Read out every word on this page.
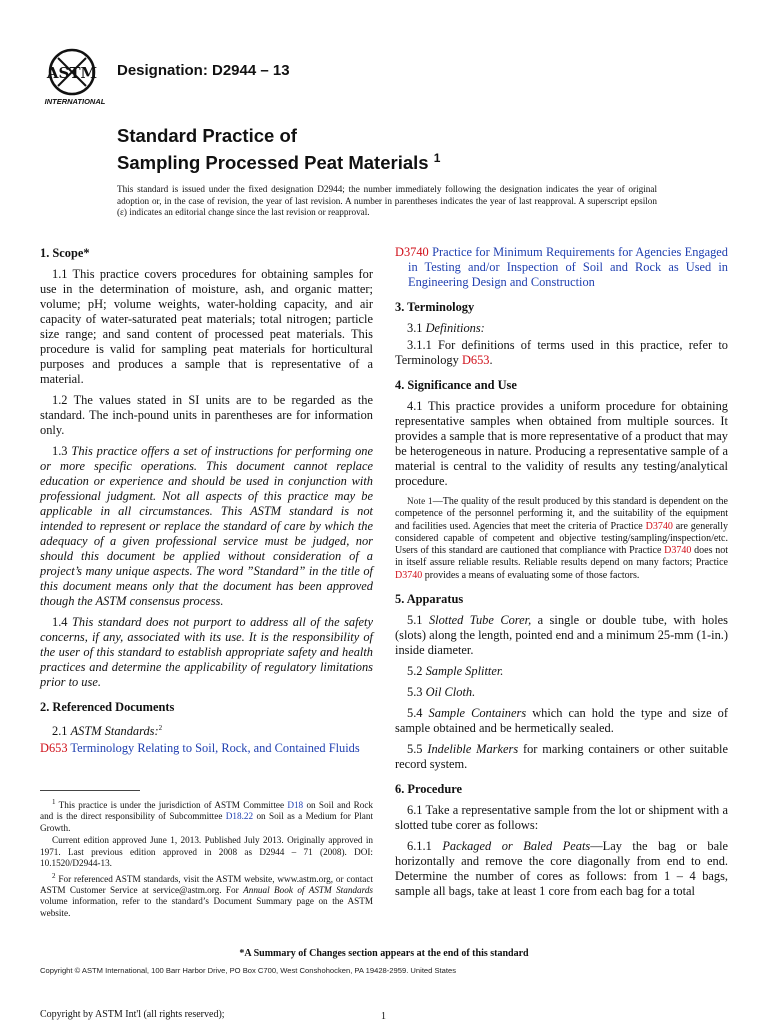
ASTM
INTERNATIONAL
Designation: D2944 – 13
Standard Practice of
Sampling Processed Peat Materials $^1$
This standard is issued under the fixed designation D2944; the number immediately following the designation indicates the year of original adoption or, in the case of revision, the year of last revision. A number in parentheses indicates the year of last reapproval. A superscript epsilon (ε) indicates an editorial change since the last revision or reapproval.
1. Scope*

1.1 This practice covers procedures for obtaining samples for use in the determination of moisture, ash, and organic matter; volume; pH; volume weights, water-holding capacity, and air capacity of water-saturated peat materials; total nitrogen; particle size range; and sand content of processed peat materials. This procedure is valid for sampling peat materials for horticultural purposes and produces a sample that is representative of a material.

1.2 The values stated in SI units are to be regarded as the standard. The inch-pound units in parentheses are for information only.

1.3 This practice offers a set of instructions for performing one or more specific operations. This document cannot replace education or experience and should be used in conjunction with professional judgment. Not all aspects of this practice may be applicable in all circumstances. This ASTM standard is not intended to represent or replace the standard of care by which the adequacy of a given professional service must be judged, nor should this document be applied without consideration of a project’s many unique aspects. The word ”Standard” in the title of this document means only that the document has been approved though the ASTM consensus process.

1.4 This standard does not purport to address all of the safety concerns, if any, associated with its use. It is the responsibility of the user of this standard to establish appropriate safety and health practices and determine the applicability of regulatory limitations prior to use.

2. Referenced Documents

2.1 ASTM Standards:$^2$

D653 Terminology Relating to Soil, Rock, and Contained Fluids

$^1$ This practice is under the jurisdiction of ASTM Committee D18 on Soil and Rock and is the direct responsibility of Subcommittee D18.22 on Soil as a Medium for Plant Growth.

Current edition approved June 1, 2013. Published July 2013. Originally approved in 1971. Last previous edition approved in 2008 as D2944 – 71 (2008). DOI: 10.1520/D2944-13.

$^2$ For referenced ASTM standards, visit the ASTM website, www.astm.org, or contact ASTM Customer Service at service@astm.org. For Annual Book of ASTM Standards volume information, refer to the standard’s Document Summary page on the ASTM website.

D3740 Practice for Minimum Requirements for Agencies Engaged in Testing and/or Inspection of Soil and Rock as Used in Engineering Design and Construction
3. Terminology

3.1 Definitions:

3.1.1 For definitions of terms used in this practice, refer to Terminology D653.

4. Significance and Use

4.1 This practice provides a uniform procedure for obtaining representative samples when obtained from multiple sources. It provides a sample that is more representative of a product that may be heterogeneous in nature. Producing a representative sample of a material is central to the validity of results any testing/analytical procedure.

Note 1—The quality of the result produced by this standard is dependent on the competence of the personnel performing it, and the suitability of the equipment and facilities used. Agencies that meet the criteria of Practice D3740 are generally considered capable of competent and objective testing/sampling/inspection/etc. Users of this standard are cautioned that compliance with Practice D3740 does not in itself assure reliable results. Reliable results depend on many factors; Practice D3740 provides a means of evaluating some of those factors.

5. Apparatus

5.1 Slotted Tube Corer, a single or double tube, with holes (slots) along the length, pointed end and a minimum 25-mm (1-in.) inside diameter.

5.2 Sample Splitter.

5.3 Oil Cloth.

5.4 Sample Containers which can hold the type and size of sample obtained and be hermetically sealed.

5.5 Indelible Markers for marking containers or other suitable record system.

6. Procedure

6.1 Take a representative sample from the lot or shipment with a slotted tube corer as follows:

6.1.1 Packaged or Baled Peats—Lay the bag or bale horizontally and remove the core diagonally from end to end. Determine the number of cores as follows: from 1 – 4 bags, sample all bags, take at least 1 core from each bag for a total

*A Summary of Changes section appears at the end of this standard
Copyright © ASTM International, 100 Barr Harbor Drive, PO Box C700, West Conshohocken, PA 19428-2959. United States
Copyright by ASTM Int'l (all rights reserved);	1
